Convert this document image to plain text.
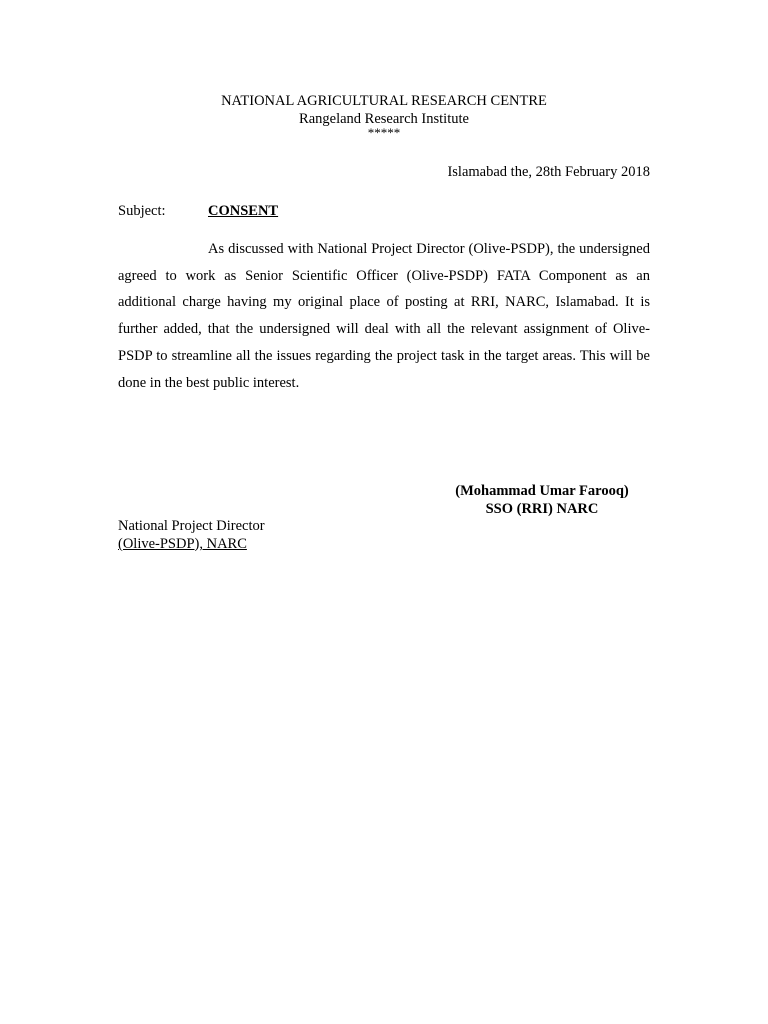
NATIONAL AGRICULTURAL RESEARCH CENTRE
Rangeland Research Institute
*****
Islamabad the, 28th February 2018
Subject:	CONSENT

As discussed with National Project Director (Olive-PSDP), the undersigned agreed to work as Senior Scientific Officer (Olive-PSDP) FATA Component as an additional charge having my original place of posting at RRI, NARC, Islamabad. It is further added, that the undersigned will deal with all the relevant assignment of Olive-PSDP to streamline all the issues regarding the project task in the target areas. This will be done in the best public interest.

(Mohammad Umar Farooq)
SSO (RRI) NARC
National Project Director
(Olive-PSDP), NARC
